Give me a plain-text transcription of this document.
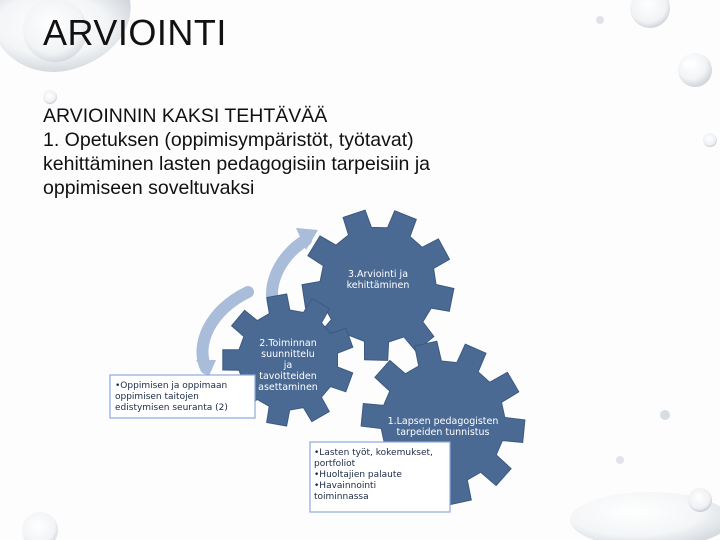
ARVIOINTI
ARVIOINNIN KAKSI TEHTÄVÄÄ
1. Opetuksen (oppimisympäristöt, työtavat)
kehittäminen lasten pedagogisiin tarpeisiin ja
oppimiseen soveltuvaksi
3.Arviointi ja
kehittäminen
2.Toiminnan
suunnittelu
ja
tavoitteiden
asettaminen
1.Lapsen pedagogisten
tarpeiden tunnistus
•Oppimisen ja oppimaan
oppimisen taitojen
edistymisen seuranta (2)
•Lasten työt, kokemukset,
portfoliot
•Huoltajien palaute
•Havainnointi
toiminnassa
